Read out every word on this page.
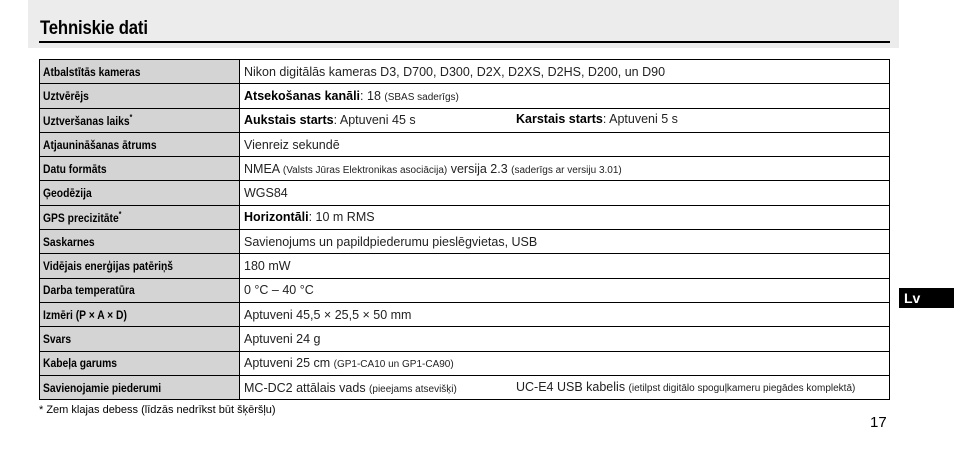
Tehniskie dati
Atbalstītās kameras	Nikon digitālās kameras D3, D700, D300, D2X, D2XS, D2HS, D200, un D90
Uztvērējs	Atsekošanas kanāli: 18 (SBAS saderīgs)
Uztveršanas laiks*	Aukstais starts: Aptuveni 45 s Karstais starts: Aptuveni 5 s

Atjaunināšanas ātrums	Vienreiz sekundē
Datu formāts	NMEA (Valsts Jūras Elektronikas asociācija) versija 2.3 (saderīgs ar versiju 3.01)
Ģeodēzija	WGS84
GPS precizitāte*	Horizontāli: 10 m RMS
Saskarnes	Savienojums un papildpiederumu pieslēgvietas, USB
Vidējais enerģijas patēriņš	180 mW
Darba temperatūra	0 °C – 40 °C
Izmēri (P × A × D)	Aptuveni 45,5 × 25,5 × 50 mm
Svars	Aptuveni 24 g
Kabeļa garums	Aptuveni 25 cm (GP1-CA10 un GP1-CA90)
Savienojamie piederumi	MC-DC2 attālais vads (pieejams atsevišķi) UC-E4 USB kabelis (ietilpst digitālo spoguļkameru piegādes komplektā)
* Zem klajas debess (līdzās nedrīkst būt šķēršļu)
17
Lv
